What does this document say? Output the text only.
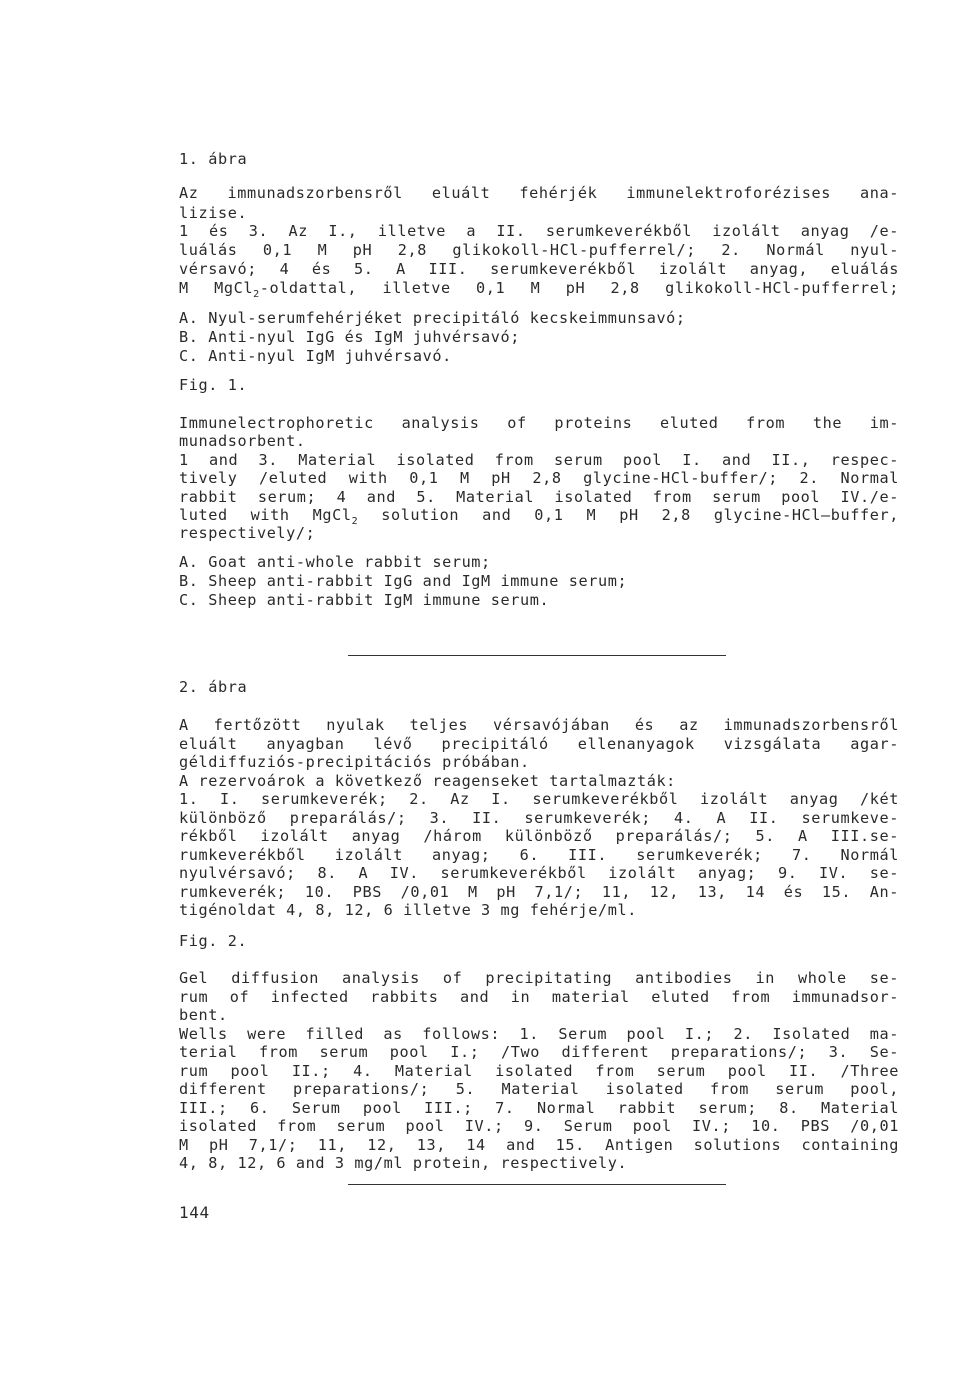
1. ábra
Az immunadszorbensről eluált fehérjék immunelektroforézises ana-
lizise.
1 és 3. Az I., illetve a II. serumkeverékből izolált anyag /e-
luálás 0,1 M pH 2,8 glikokoll-HCl-pufferrel/; 2. Normál nyul-
vérsavó; 4 és 5. A III. serumkeverékből izolált anyag, eluálás
M MgCl$_2$-oldattal, illetve 0,1 M pH 2,8 glikokoll-HCl-pufferrel;
A. Nyul-serumfehérjéket precipitáló kecskeimmunsavó;
B. Anti-nyul IgG és IgM juhvérsavó;
C. Anti-nyul IgM juhvérsavó.
Fig. 1.
Immunelectrophoretic analysis of proteins eluted from the im-
munadsorbent.
1 and 3. Material isolated from serum pool I. and II., respec-
tively /eluted with 0,1 M pH 2,8 glycine-HCl-buffer/; 2. Normal
rabbit serum; 4 and 5. Material isolated from serum pool IV./e-
luted with MgCl$_2$ solution and 0,1 M pH 2,8 glycine-HCl—buffer,
respectively/;
A. Goat anti-whole rabbit serum;
B. Sheep anti-rabbit IgG and IgM immune serum;
C. Sheep anti-rabbit IgM immune serum.
2. ábra
A fertőzött nyulak teljes vérsavójában és az immunadszorbensről
eluált anyagban lévő precipitáló ellenanyagok vizsgálata agar-
géldiffuziós-precipitációs próbában.
A rezervoárok a következő reagenseket tartalmazták:
1. I. serumkeverék; 2. Az I. serumkeverékből izolált anyag /két
különböző preparálás/; 3. II. serumkeverék; 4. A II. serumkeve-
rékből izolált anyag /három különböző preparálás/; 5. A III.se-
rumkeverékből izolált anyag; 6. III. serumkeverék; 7. Normál
nyulvérsavó; 8. A IV. serumkeverékből izolált anyag; 9. IV. se-
rumkeverék; 10. PBS /0,01 M pH 7,1/; 11, 12, 13, 14 és 15. An-
tigénoldat 4, 8, 12, 6 illetve 3 mg fehérje/ml.
Fig. 2.
Gel diffusion analysis of precipitating antibodies in whole se-
rum of infected rabbits and in material eluted from immunadsor-
bent.
Wells were filled as follows: 1. Serum pool I.; 2. Isolated ma-
terial from serum pool I.; /Two different preparations/; 3. Se-
rum pool II.; 4. Material isolated from serum pool II. /Three
different preparations/; 5. Material isolated from serum pool,
III.; 6. Serum pool III.; 7. Normal rabbit serum; 8. Material
isolated from serum pool IV.; 9. Serum pool IV.; 10. PBS /0,01
M pH 7,1/; 11, 12, 13, 14 and 15. Antigen solutions containing
4, 8, 12, 6 and 3 mg/ml protein, respectively.
144
